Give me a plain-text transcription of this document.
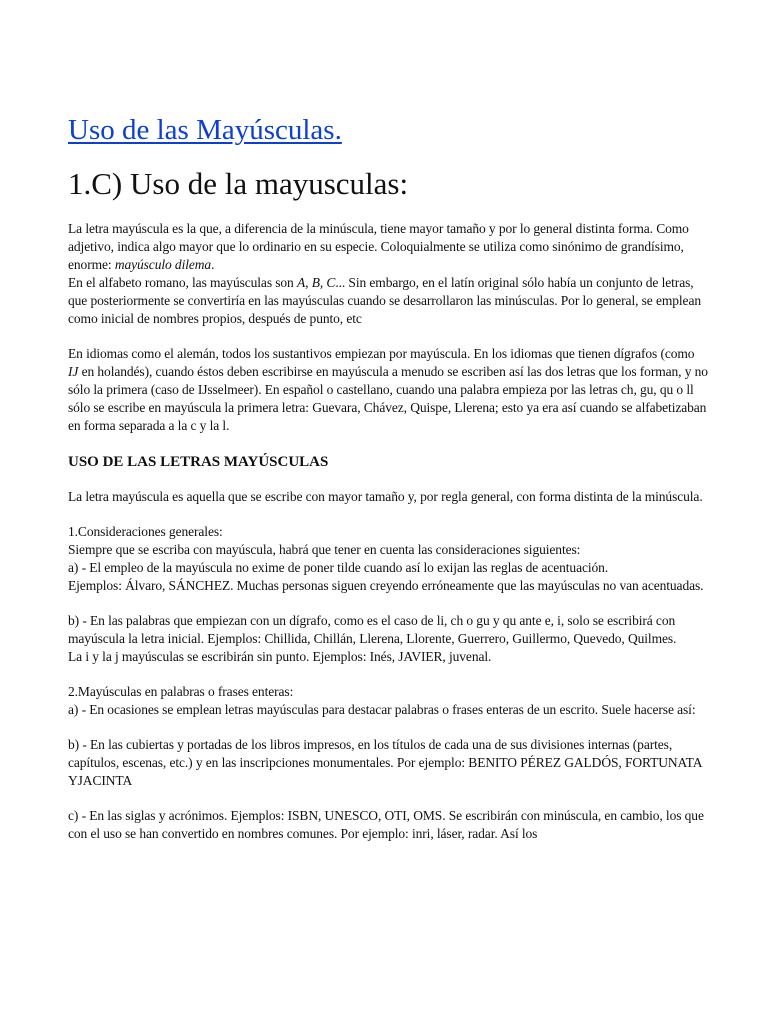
Uso de las Mayúsculas.
1.C) Uso de la mayusculas:

La letra mayúscula es la que, a diferencia de la minúscula, tiene mayor tamaño y por lo general distinta forma. Como adjetivo, indica algo mayor que lo ordinario en su especie. Coloquialmente se utiliza como sinónimo de grandísimo, enorme: mayúsculo dilema.
En el alfabeto romano, las mayúsculas son A, B, C... Sin embargo, en el latín original sólo había un conjunto de letras, que posteriormente se convertiría en las mayúsculas cuando se desarrollaron las minúsculas. Por lo general, se emplean como inicial de nombres propios, después de punto, etc

En idiomas como el alemán, todos los sustantivos empiezan por mayúscula. En los idiomas que tienen dígrafos (como IJ en holandés), cuando éstos deben escribirse en mayúscula a menudo se escriben así las dos letras que los forman, y no sólo la primera (caso de IJsselmeer). En español o castellano, cuando una palabra empieza por las letras ch, gu, qu o ll sólo se escribe en mayúscula la primera letra: Guevara, Chávez, Quispe, Llerena; esto ya era así cuando se alfabetizaban en forma separada a la c y la l.

USO DE LAS LETRAS MAYÚSCULAS

La letra mayúscula es aquella que se escribe con mayor tamaño y, por regla general, con forma distinta de la minúscula.

1.Consideraciones generales:
Siempre que se escriba con mayúscula, habrá que tener en cuenta las consideraciones siguientes:
a) - El empleo de la mayúscula no exime de poner tilde cuando así lo exijan las reglas de acentuación.
Ejemplos: Álvaro, SÁNCHEZ. Muchas personas siguen creyendo erróneamente que las mayúsculas no van acentuadas.

b) - En las palabras que empiezan con un dígrafo, como es el caso de li, ch o gu y qu ante e, i, solo se escribirá con mayúscula la letra inicial. Ejemplos: Chillida, Chillán, Llerena, Llorente, Guerrero, Guillermo, Quevedo, Quilmes.
La i y la j mayúsculas se escribirán sin punto. Ejemplos: Inés, JAVIER, juvenal.

2.Mayúsculas en palabras o frases enteras:
a) - En ocasiones se emplean letras mayúsculas para destacar palabras o frases enteras de un escrito. Suele hacerse así:

b) - En las cubiertas y portadas de los libros impresos, en los títulos de cada una de sus divisiones internas (partes, capítulos, escenas, etc.) y en las inscripciones monumentales. Por ejemplo: BENITO PÉREZ GALDÓS, FORTUNATA YJACINTA

c) - En las siglas y acrónimos. Ejemplos: ISBN, UNESCO, OTI, OMS. Se escribirán con minúscula, en cambio, los que con el uso se han convertido en nombres comunes. Por ejemplo: inri, láser, radar. Así los
